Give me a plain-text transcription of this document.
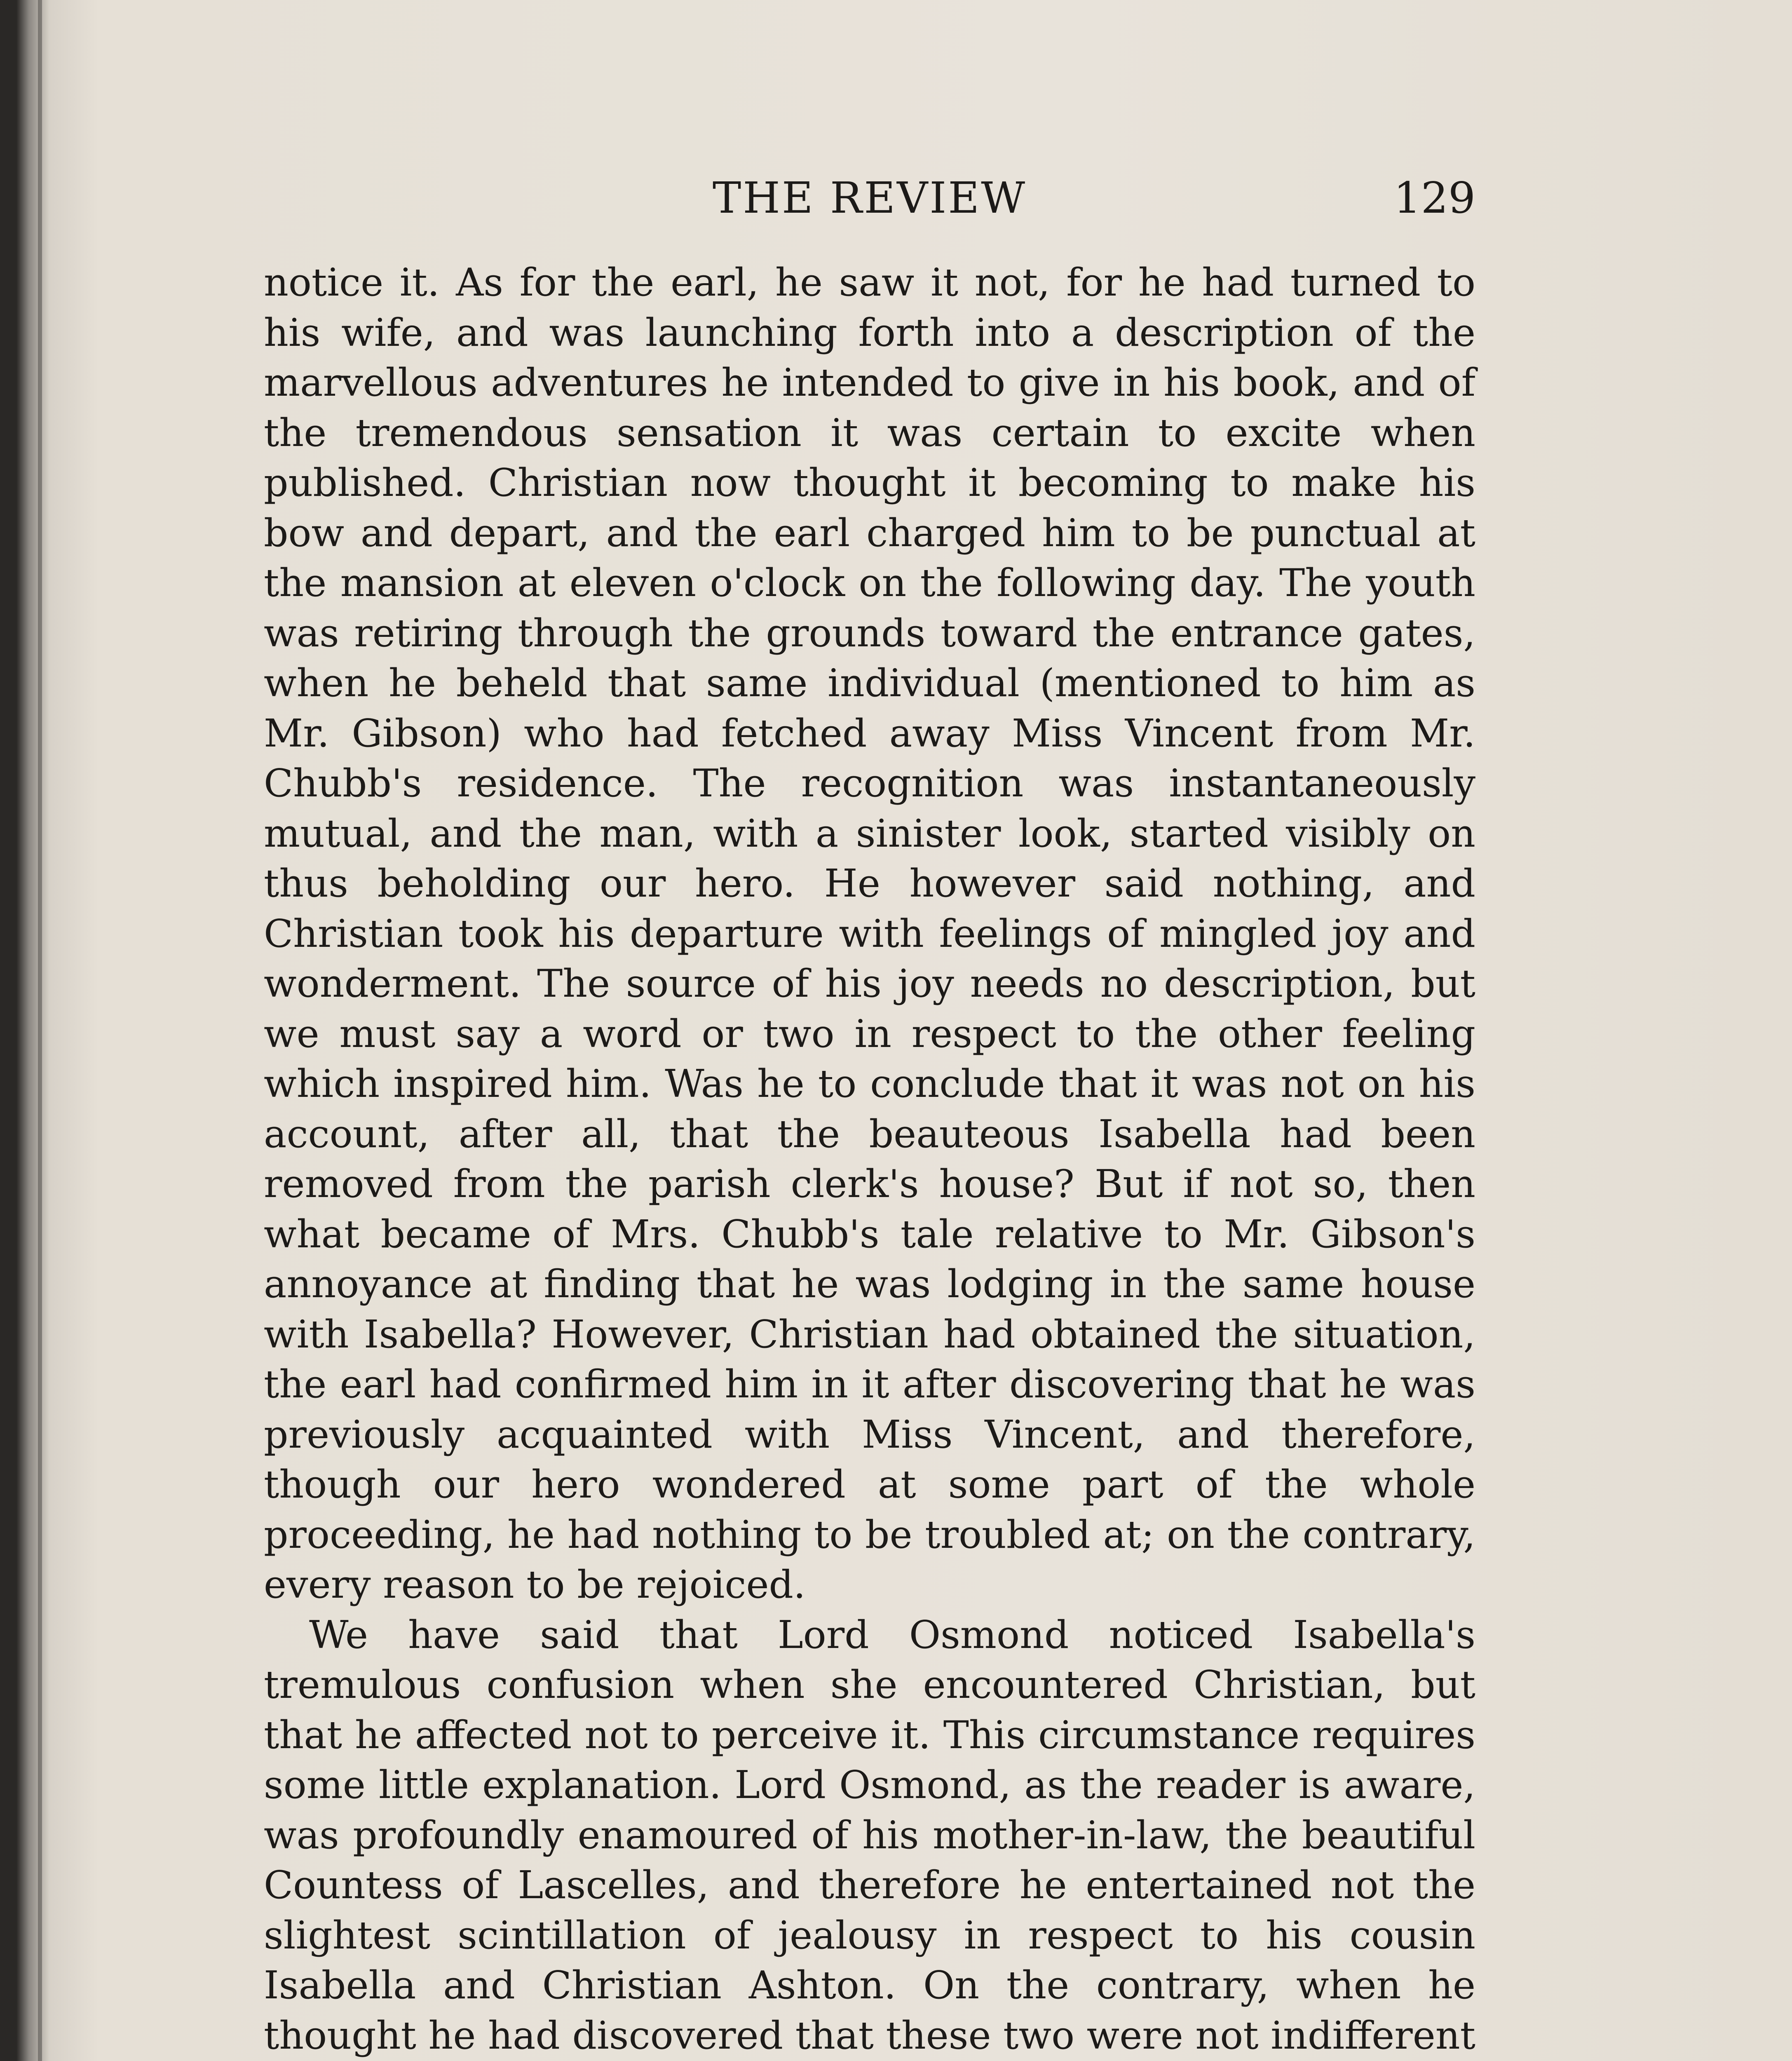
THE REVIEW	129

notice it. As for the earl, he saw it not, for he had turned to his wife, and was launching forth into a description of the marvellous adventures he intended to give in his book, and of the tremendous sensation it was certain to excite when published. Christian now thought it becoming to make his bow and depart, and the earl charged him to be punctual at the mansion at eleven o'clock on the following day. The youth was retiring through the grounds toward the entrance gates, when he beheld that same individual (mentioned to him as Mr. Gibson) who had fetched away Miss Vincent from Mr. Chubb's residence. The recognition was instantaneously mutual, and the man, with a sinister look, started visibly on thus beholding our hero. He however said nothing, and Christian took his departure with feelings of mingled joy and wonderment. The source of his joy needs no description, but we must say a word or two in respect to the other feeling which inspired him. Was he to conclude that it was not on his account, after all, that the beauteous Isabella had been removed from the parish clerk's house? But if not so, then what became of Mrs. Chubb's tale relative to Mr. Gibson's annoyance at finding that he was lodging in the same house with Isabella? However, Christian had obtained the situation, the earl had confirmed him in it after discovering that he was previously acquainted with Miss Vincent, and therefore, though our hero wondered at some part of the whole proceeding, he had nothing to be troubled at; on the contrary, every reason to be rejoiced.

We have said that Lord Osmond noticed Isabella's tremulous confusion when she encountered Christian, but that he affected not to perceive it. This circumstance requires some little explanation. Lord Osmond, as the reader is aware, was profoundly enamoured of his mother-in-law, the beautiful Countess of Lascelles, and therefore he entertained not the slightest scintillation of jealousy in respect to his cousin Isabella and Christian Ashton. On the contrary, when he thought he had discovered that these two were not indifferent
